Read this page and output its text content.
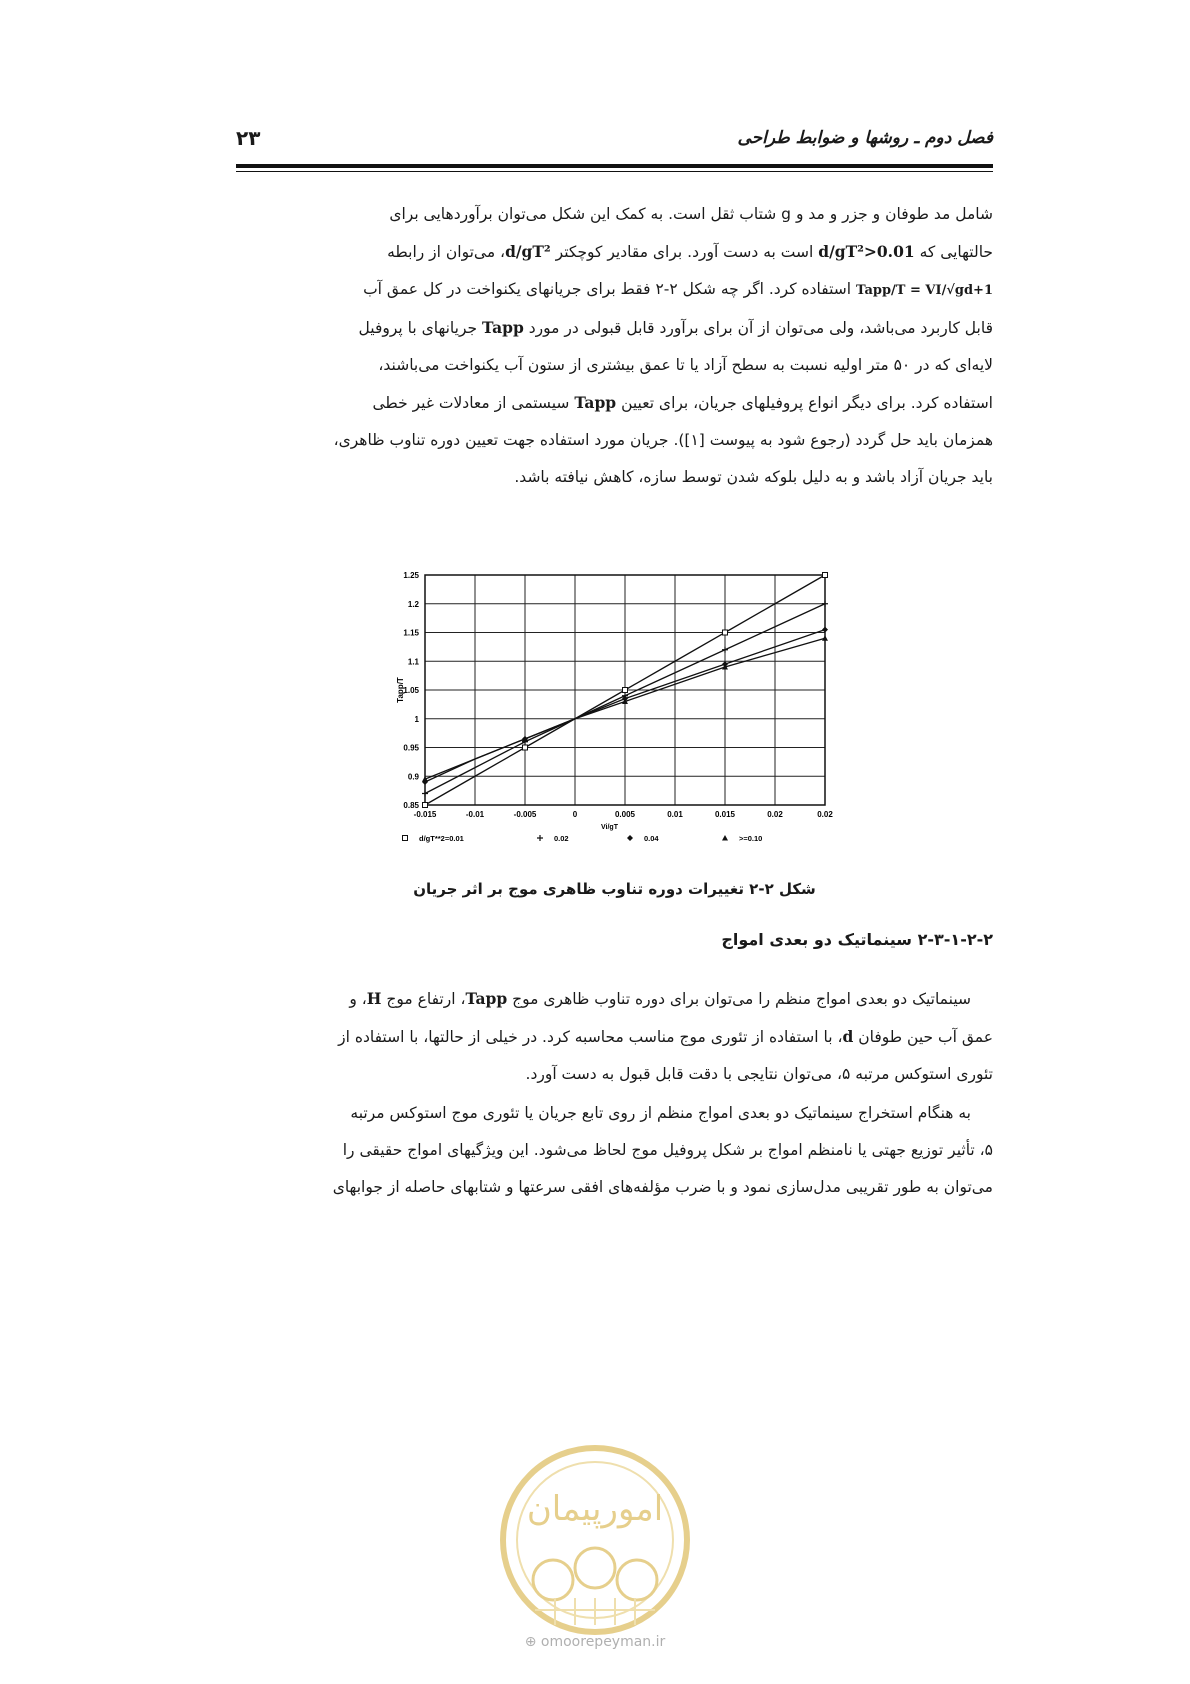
فصل دوم ـ روشها و ضوابط طراحی
۲۳
شامل مد طوفان و جزر و مد و g شتاب ثقل است. به کمک این شکل می‌توان برآوردهایی برای
حالتهایی که d/gT²>0.01 است به دست آورد. برای مقادیر کوچکتر d/gT²، می‌توان از رابطه
Tapp/T = VI/√gd+1 استفاده کرد. اگر چه شکل ۲-۲ فقط برای جریانهای یکنواخت در کل عمق آب
قابل کاربرد می‌باشد، ولی می‌توان از آن برای برآورد قابل قبولی در مورد Tapp جریانهای با پروفیل
لایه‌ای که در ۵۰ متر اولیه نسبت به سطح آزاد یا تا عمق بیشتری از ستون آب یکنواخت می‌باشند،
استفاده کرد. برای دیگر انواع پروفیلهای جریان، برای تعیین Tapp سیستمی از معادلات غیر خطی
همزمان باید حل گردد (رجوع شود به پیوست [۱]). جریان مورد استفاده جهت تعیین دوره تناوب ظاهری،
باید جریان آزاد باشد و به دلیل بلوکه شدن توسط سازه، کاهش نیافته باشد.
0.85
0.9
0.95
1
1.05
1.1
1.15
1.2
1.25
-0.015	-0.01	-0.005	0	0.005	0.01	0.015	0.02	0.02
Tapp/T
Vi/gT
d/gT**2=0.01	0.02	0.04	>=0.10
شکل ۲-۲ تغییرات دوره تناوب ظاهری موج بر اثر جریان
۲-۳-۱-۲-۲ سینماتیک دو بعدی امواج
سینماتیک دو بعدی امواج منظم را می‌توان برای دوره تناوب ظاهری موج Tapp، ارتفاع موج H، و
عمق آب حین طوفان d، با استفاده از تئوری موج مناسب محاسبه کرد. در خیلی از حالتها، با استفاده از
تئوری استوکس مرتبه ۵، می‌توان نتایجی با دقت قابل قبول به دست آورد.
به هنگام استخراج سینماتیک دو بعدی امواج منظم از روی تابع جریان یا تئوری موج استوکس مرتبه
۵، تأثیر توزیع جهتی یا نامنظم امواج بر شکل پروفیل موج لحاظ می‌شود. این ویژگیهای امواج حقیقی را
می‌توان به طور تقریبی مدل‌سازی نمود و با ضرب مؤلفه‌های افقی سرعتها و شتابهای حاصله از جوابهای
امورپیمان
⊕ omoorepeyman.ir
